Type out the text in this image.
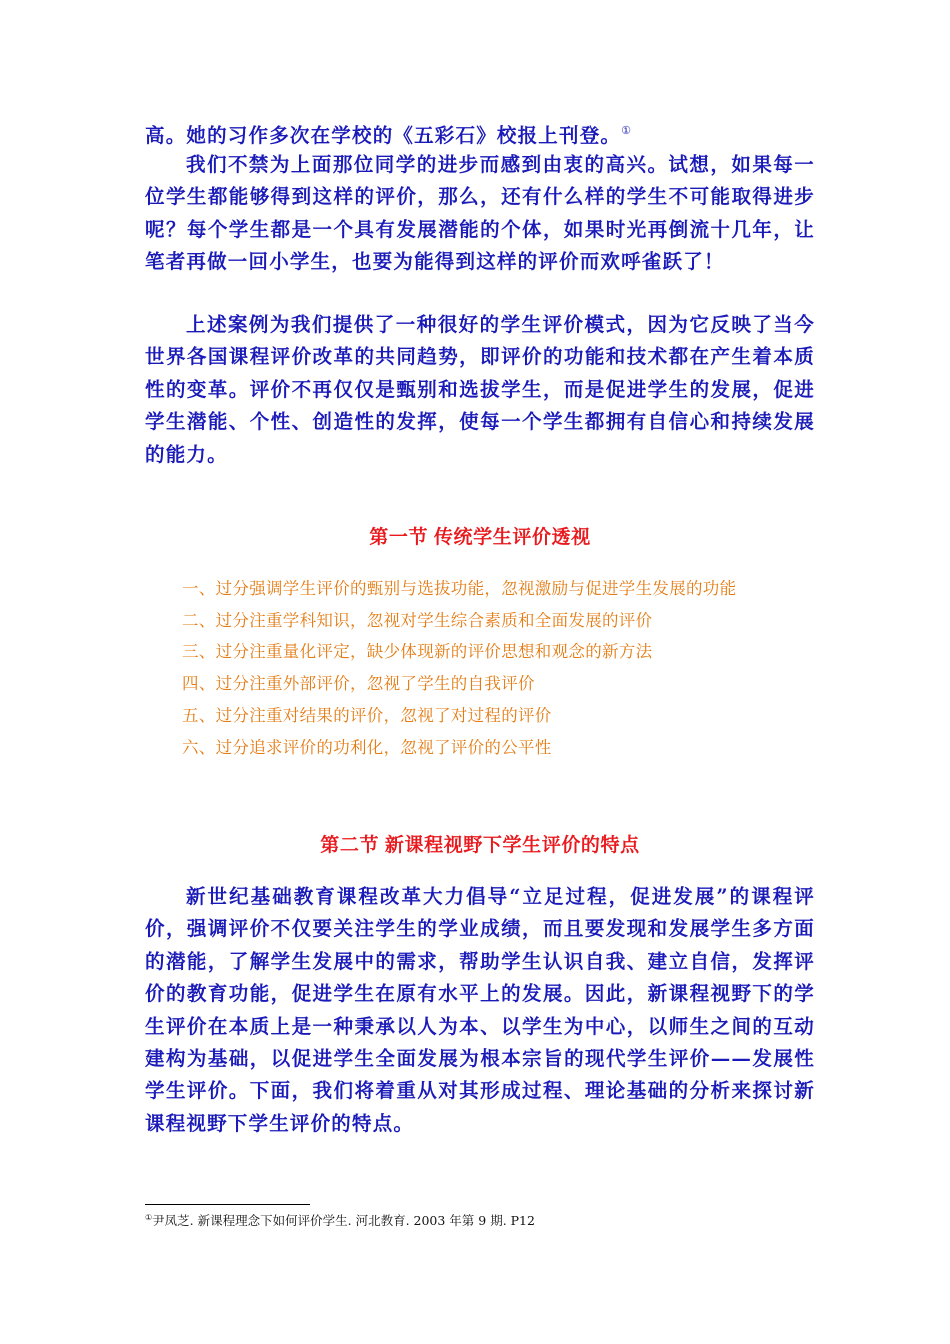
高。她的习作多次在学校的《五彩石》校报上刊登。①

我们不禁为上面那位同学的进步而感到由衷的高兴。试想，如果每一位学生都能够得到这样的评价，那么，还有什么样的学生不可能取得进步呢？每个学生都是一个具有发展潜能的个体，如果时光再倒流十几年，让笔者再做一回小学生，也要为能得到这样的评价而欢呼雀跃了！

上述案例为我们提供了一种很好的学生评价模式，因为它反映了当今世界各国课程评价改革的共同趋势，即评价的功能和技术都在产生着本质性的变革。评价不再仅仅是甄别和选拔学生，而是促进学生的发展，促进学生潜能、个性、创造性的发挥，使每一个学生都拥有自信心和持续发展的能力。

第一节 传统学生评价透视
一、过分强调学生评价的甄别与选拔功能，忽视激励与促进学生发展的功能
二、过分注重学科知识，忽视对学生综合素质和全面发展的评价
三、过分注重量化评定，缺少体现新的评价思想和观念的新方法
四、过分注重外部评价，忽视了学生的自我评价
五、过分注重对结果的评价，忽视了对过程的评价
六、过分追求评价的功利化，忽视了评价的公平性
第二节 新课程视野下学生评价的特点

新世纪基础教育课程改革大力倡导“立足过程，促进发展”的课程评价，强调评价不仅要关注学生的学业成绩，而且要发现和发展学生多方面的潜能，了解学生发展中的需求，帮助学生认识自我、建立自信，发挥评价的教育功能，促进学生在原有水平上的发展。因此，新课程视野下的学生评价在本质上是一种秉承以人为本、以学生为中心，以师生之间的互动建构为基础，以促进学生全面发展为根本宗旨的现代学生评价——发展性学生评价。下面，我们将着重从对其形成过程、理论基础的分析来探讨新课程视野下学生评价的特点。

①尹凤芝. 新课程理念下如何评价学生. 河北教育. 2003 年第 9 期. P12
